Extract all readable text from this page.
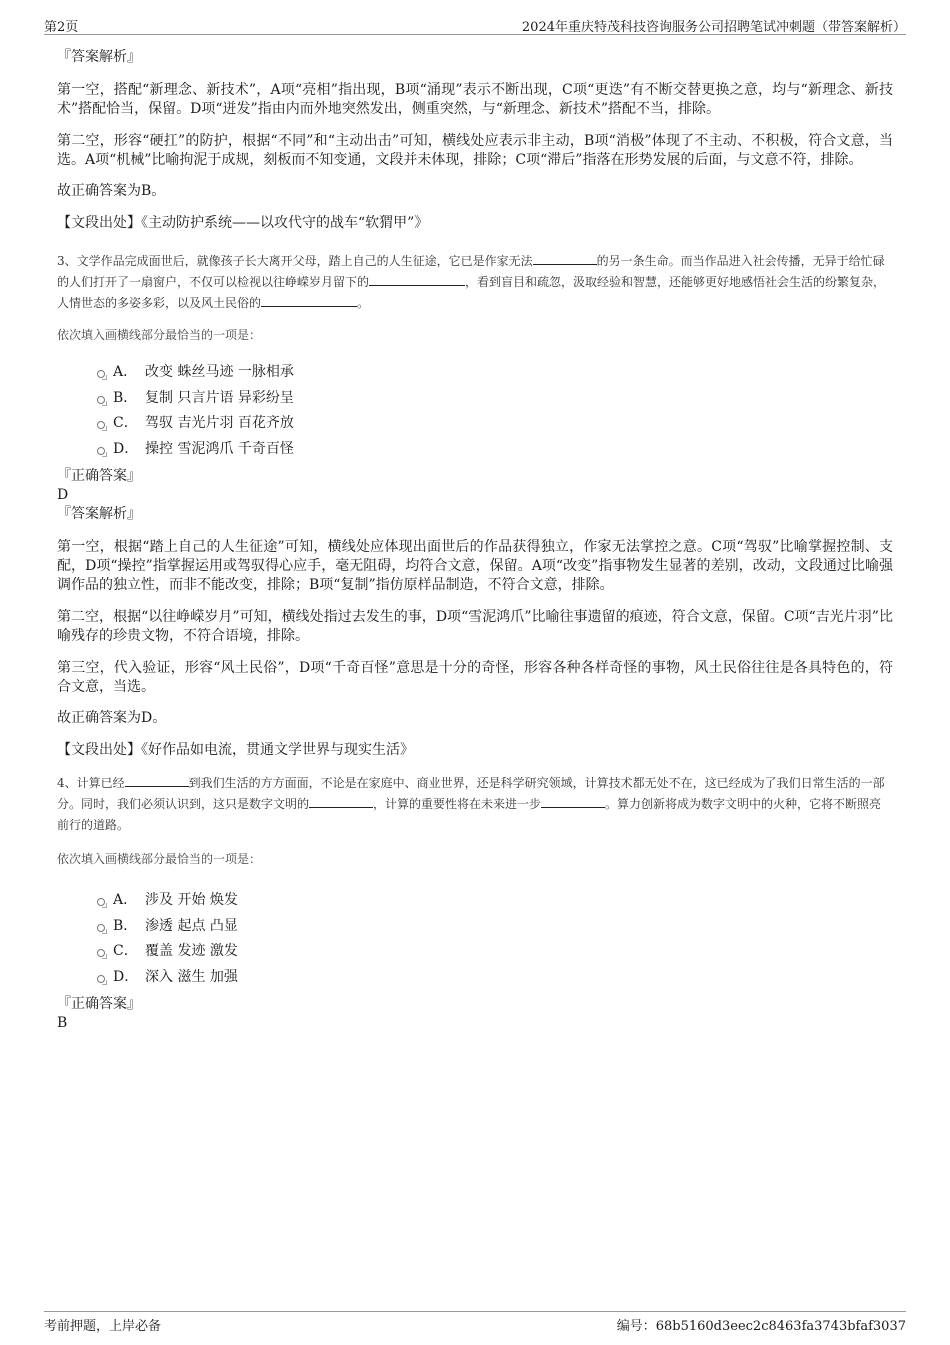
第2页	2024年重庆特茂科技咨询服务公司招聘笔试冲刺题（带答案解析）

『答案解析』

第一空，搭配“新理念、新技术”，A项“亮相”指出现，B项“涌现”表示不断出现，C项“更迭”有不断交替更换之意，均与“新理念、新技术”搭配恰当，保留。D项“迸发”指由内而外地突然发出，侧重突然，与“新理念、新技术”搭配不当，排除。

第二空，形容“硬扛”的防护，根据“不同”和“主动出击”可知，横线处应表示非主动，B项“消极”体现了不主动、不积极，符合文意，当选。A项“机械”比喻拘泥于成规，刻板而不知变通，文段并未体现，排除；C项“滞后”指落在形势发展的后面，与文意不符，排除。

故正确答案为B。

【文段出处】《主动防护系统——以攻代守的战车“软猬甲”》

3、文学作品完成面世后，就像孩子长大离开父母，踏上自己的人生征途，它已是作家无法	的另一条生命。而当作品进入社会传播，无异于给忙碌的人们打开了一扇窗户，不仅可以检视以往峥嵘岁月留下的	，看到盲目和疏忽，汲取经验和智慧，还能够更好地感悟社会生活的纷繁复杂，人情世态的多姿多彩，以及风土民俗的	。

依次填入画横线部分最恰当的一项是：

A． 改变 蛛丝马迹 一脉相承
B． 复制 只言片语 异彩纷呈
C． 驾驭 吉光片羽 百花齐放
D． 操控 雪泥鸿爪 千奇百怪

『正确答案』

D

『答案解析』

第一空，根据“踏上自己的人生征途”可知，横线处应体现出面世后的作品获得独立，作家无法掌控之意。C项“驾驭”比喻掌握控制、支配，D项“操控”指掌握运用或驾驭得心应手，毫无阻碍，均符合文意，保留。A项“改变”指事物发生显著的差别，改动，文段通过比喻强调作品的独立性，而非不能改变，排除；B项“复制”指仿原样品制造，不符合文意，排除。

第二空，根据“以往峥嵘岁月”可知，横线处指过去发生的事，D项“雪泥鸿爪”比喻往事遗留的痕迹，符合文意，保留。C项“吉光片羽”比喻残存的珍贵文物，不符合语境，排除。

第三空，代入验证，形容“风土民俗”，D项“千奇百怪”意思是十分的奇怪，形容各种各样奇怪的事物，风土民俗往往是各具特色的，符合文意，当选。

故正确答案为D。

【文段出处】《好作品如电流，贯通文学世界与现实生活》

4、计算已经	到我们生活的方方面面，不论是在家庭中、商业世界，还是科学研究领域，计算技术都无处不在，这已经成为了我们日常生活的一部分。同时，我们必须认识到，这只是数字文明的	，计算的重要性将在未来进一步	。算力创新将成为数字文明中的火种，它将不断照亮前行的道路。

依次填入画横线部分最恰当的一项是：

A． 涉及 开始 焕发
B． 渗透 起点 凸显
C． 覆盖 发迹 激发
D． 深入 滋生 加强

『正确答案』

B

考前押题，上岸必备	编号：68b5160d3eec2c8463fa3743bfaf3037
